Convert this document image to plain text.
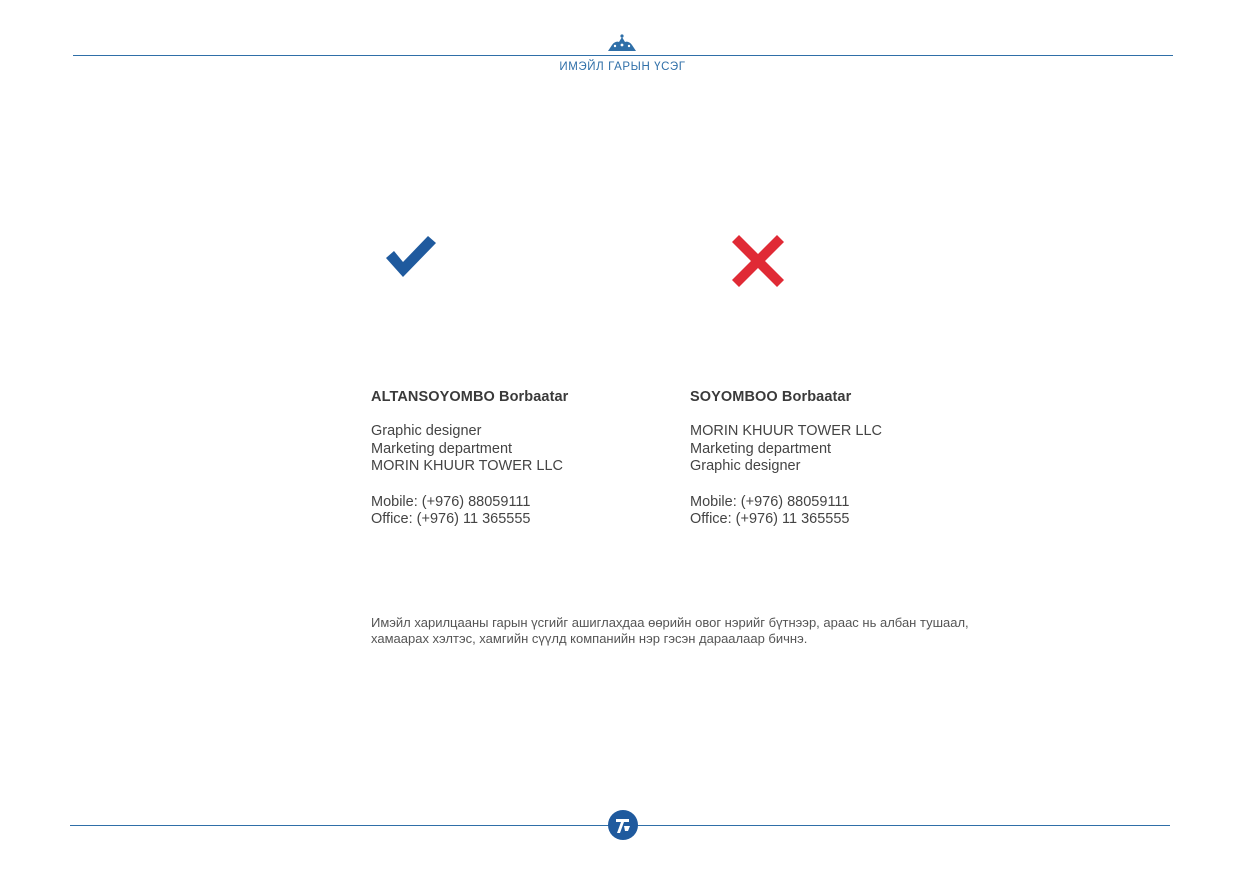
ИМЭЙЛ ГАРЫН ҮСЭГ
ALTANSOYOMBO Borbaatar
Graphic designer
Marketing department
MORIN KHUUR TOWER LLC
Mobile: (+976) 88059111
Office: (+976) 11 365555
SOYOMBOO Borbaatar
MORIN KHUUR TOWER LLC
Marketing department
Graphic designer
Mobile: (+976) 88059111
Office: (+976) 11 365555
Имэйл харилцааны гарын үсгийг ашиглахдаа өөрийн овог нэрийг бүтнээр, араас нь албан тушаал,
хамаарах хэлтэс, хамгийн сүүлд компанийн нэр гэсэн дараалаар бичнэ.
